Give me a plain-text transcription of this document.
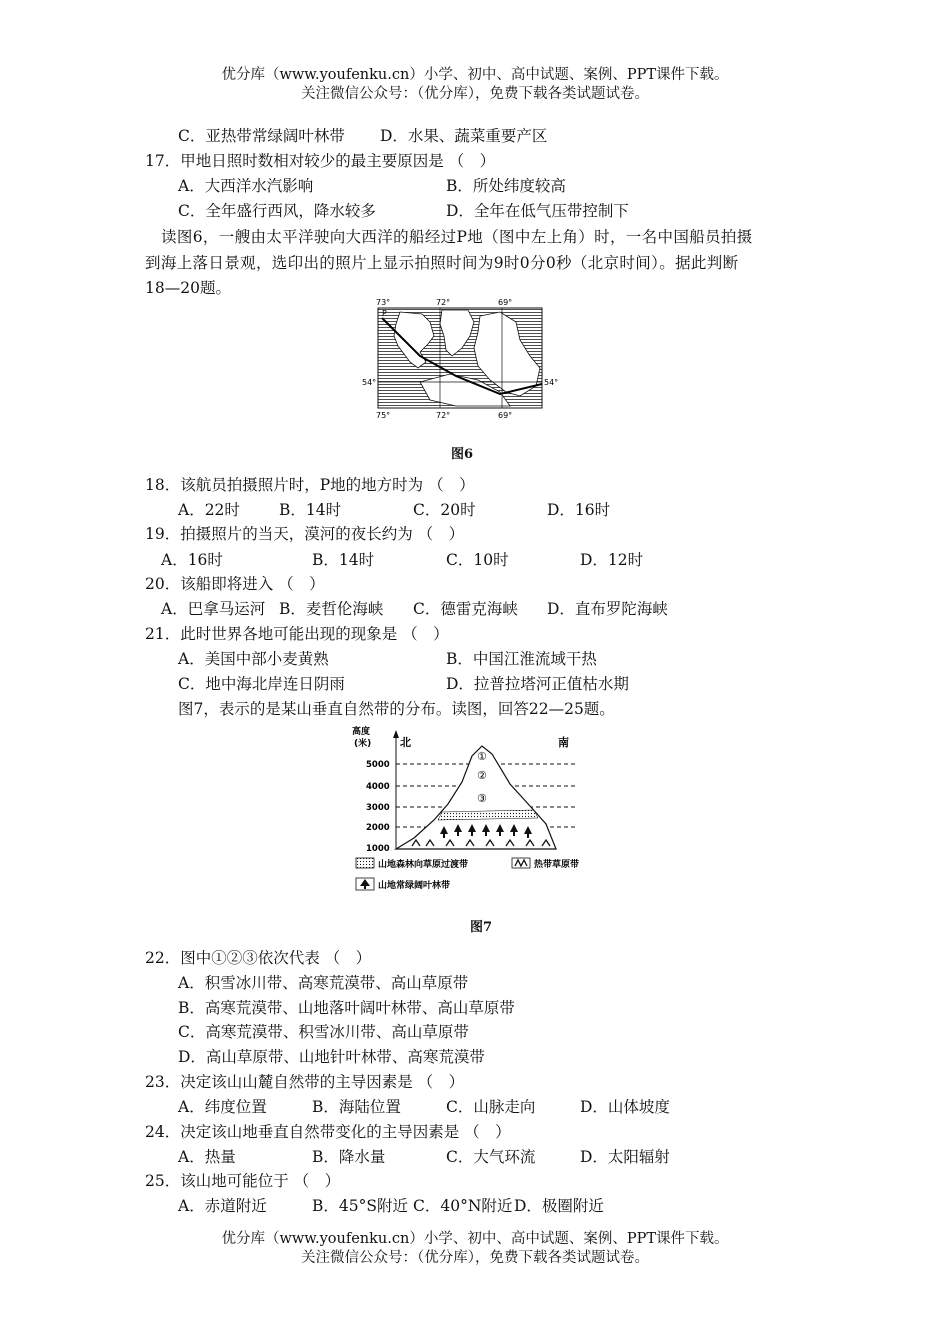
优分库（www.youfenku.cn）小学、初中、高中试题、案例、PPT课件下载。
关注微信公众号：（优分库），免费下载各类试题试卷。
C．亚热带常绿阔叶林带 D．水果、蔬菜重要产区
17．甲地日照时数相对较少的最主要原因是 （　）
A．大西洋水汽影响	B．所处纬度较高
C．全年盛行西风，降水较多	D．全年在低气压带控制下
读图6，一艘由太平洋驶向大西洋的船经过P地（图中左上角）时，一名中国船员拍摄
到海上落日景观，选印出的照片上显示拍照时间为9时0分0秒（北京时间）。据此判断
18—20题。
73°	72°	69°
75°	72°	69°
54°	54°
P
图6
18．该航员拍摄照片时，P地的地方时为 （　）
A．22时	B．14时	C．20时	D．16时
19．拍摄照片的当天，漠河的夜长约为 （　）
A．16时	B．14时	C．10时	D．12时
20．该船即将进入 （　）
A．巴拿马运河 B．麦哲伦海峡 C．德雷克海峡 D．直布罗陀海峡
21．此时世界各地可能出现的现象是 （　）
A．美国中部小麦黄熟	B．中国江淮流域干热
C．地中海北岸连日阴雨	D．拉普拉塔河正值枯水期
图7，表示的是某山垂直自然带的分布。读图，回答22—25题。
高度
(米)	北	南
5000
4000
3000
2000
1000
①
②
③
山地森林向草原过渡带	热带草原带
山地常绿阔叶林带
图7
22．图中①②③依次代表 （　）
A．积雪冰川带、高寒荒漠带、高山草原带
B．高寒荒漠带、山地落叶阔叶林带、高山草原带
C．高寒荒漠带、积雪冰川带、高山草原带
D．高山草原带、山地针叶林带、高寒荒漠带
23．决定该山山麓自然带的主导因素是 （　）
A．纬度位置	B．海陆位置	C．山脉走向	D．山体坡度
24．决定该山地垂直自然带变化的主导因素是 （　）
A．热量	B．降水量	C．大气环流	D．太阳辐射
25．该山地可能位于 （　）
A．赤道附近	B．45°S附近 C．40°N附近 D．极圈附近
优分库（www.youfenku.cn）小学、初中、高中试题、案例、PPT课件下载。
关注微信公众号：（优分库），免费下载各类试题试卷。
